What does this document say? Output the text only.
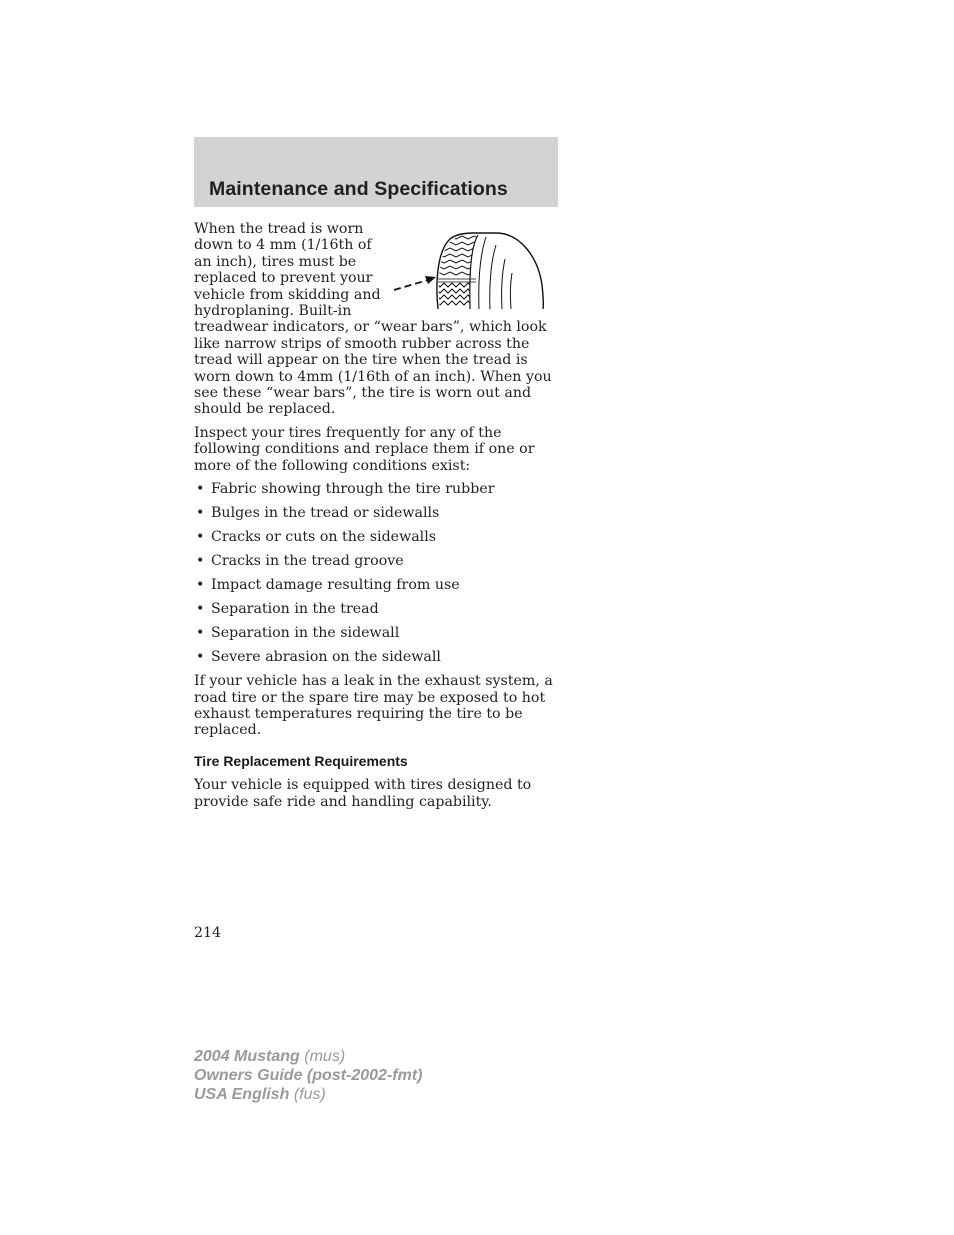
Maintenance and Specifications

When the tread is worn down to 4 mm (1/16th of an inch), tires must be replaced to prevent your vehicle from skidding and hydroplaning. Built-in treadwear indicators, or “wear bars”, which look like narrow strips of smooth rubber across the tread will appear on the tire when the tread is worn down to 4mm (1/16th of an inch). When you see these “wear bars”, the tire is worn out and should be replaced.

Inspect your tires frequently for any of the following conditions and replace them if one or more of the following conditions exist:

• Fabric showing through the tire rubber
• Bulges in the tread or sidewalls
• Cracks or cuts on the sidewalls
• Cracks in the tread groove
• Impact damage resulting from use
• Separation in the tread
• Separation in the sidewall
• Severe abrasion on the sidewall

If your vehicle has a leak in the exhaust system, a road tire or the spare tire may be exposed to hot exhaust temperatures requiring the tire to be replaced.

Tire Replacement Requirements

Your vehicle is equipped with tires designed to provide safe ride and handling capability.

214
2004 Mustang (mus)
Owners Guide (post-2002-fmt)
USA English (fus)
